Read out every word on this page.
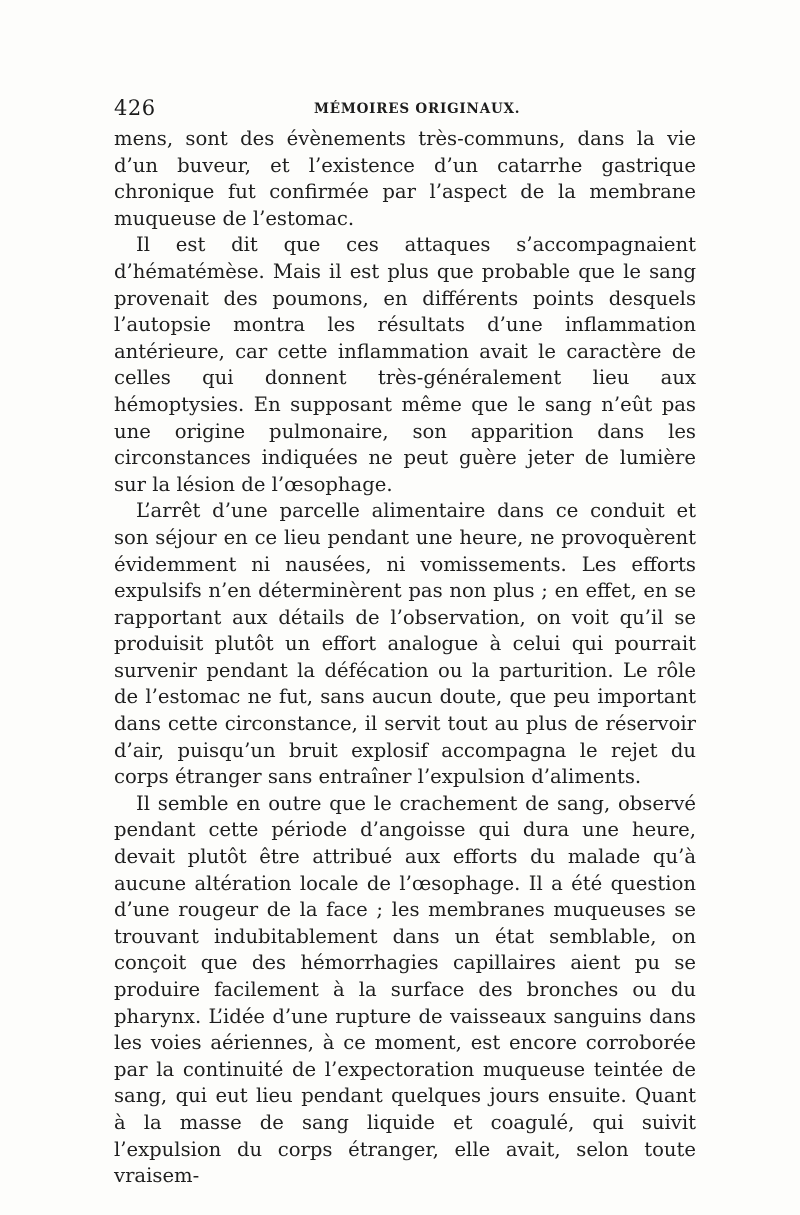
426	MÉMOIRES ORIGINAUX.

mens, sont des évènements très-communs, dans la vie d’un buveur, et l’existence d’un catarrhe gastrique chronique fut confirmée par l’aspect de la membrane muqueuse de l’estomac.

Il est dit que ces attaques s’accompagnaient d’hématémèse. Mais il est plus que probable que le sang provenait des poumons, en différents points desquels l’autopsie montra les résultats d’une inflammation antérieure, car cette inflammation avait le caractère de celles qui donnent très-généralement lieu aux hémoptysies. En supposant même que le sang n’eût pas une origine pulmonaire, son apparition dans les circonstances indiquées ne peut guère jeter de lumière sur la lésion de l’œsophage.

L’arrêt d’une parcelle alimentaire dans ce conduit et son séjour en ce lieu pendant une heure, ne provoquèrent évidemment ni nausées, ni vomissements. Les efforts expulsifs n’en déterminèrent pas non plus ; en effet, en se rapportant aux détails de l’observation, on voit qu’il se produisit plutôt un effort analogue à celui qui pourrait survenir pendant la défécation ou la parturition. Le rôle de l’estomac ne fut, sans aucun doute, que peu important dans cette circonstance, il servit tout au plus de réservoir d’air, puisqu’un bruit explosif accompagna le rejet du corps étranger sans entraîner l’expulsion d’aliments.

Il semble en outre que le crachement de sang, observé pendant cette période d’angoisse qui dura une heure, devait plutôt être attribué aux efforts du malade qu’à aucune altération locale de l’œsophage. Il a été question d’une rougeur de la face ; les membranes muqueuses se trouvant indubitablement dans un état semblable, on conçoit que des hémorrhagies capillaires aient pu se produire facilement à la surface des bronches ou du pharynx. L’idée d’une rupture de vaisseaux sanguins dans les voies aériennes, à ce moment, est encore corroborée par la continuité de l’expectoration muqueuse teintée de sang, qui eut lieu pendant quelques jours ensuite. Quant à la masse de sang liquide et coagulé, qui suivit l’expulsion du corps étranger, elle avait, selon toute vraisem-
